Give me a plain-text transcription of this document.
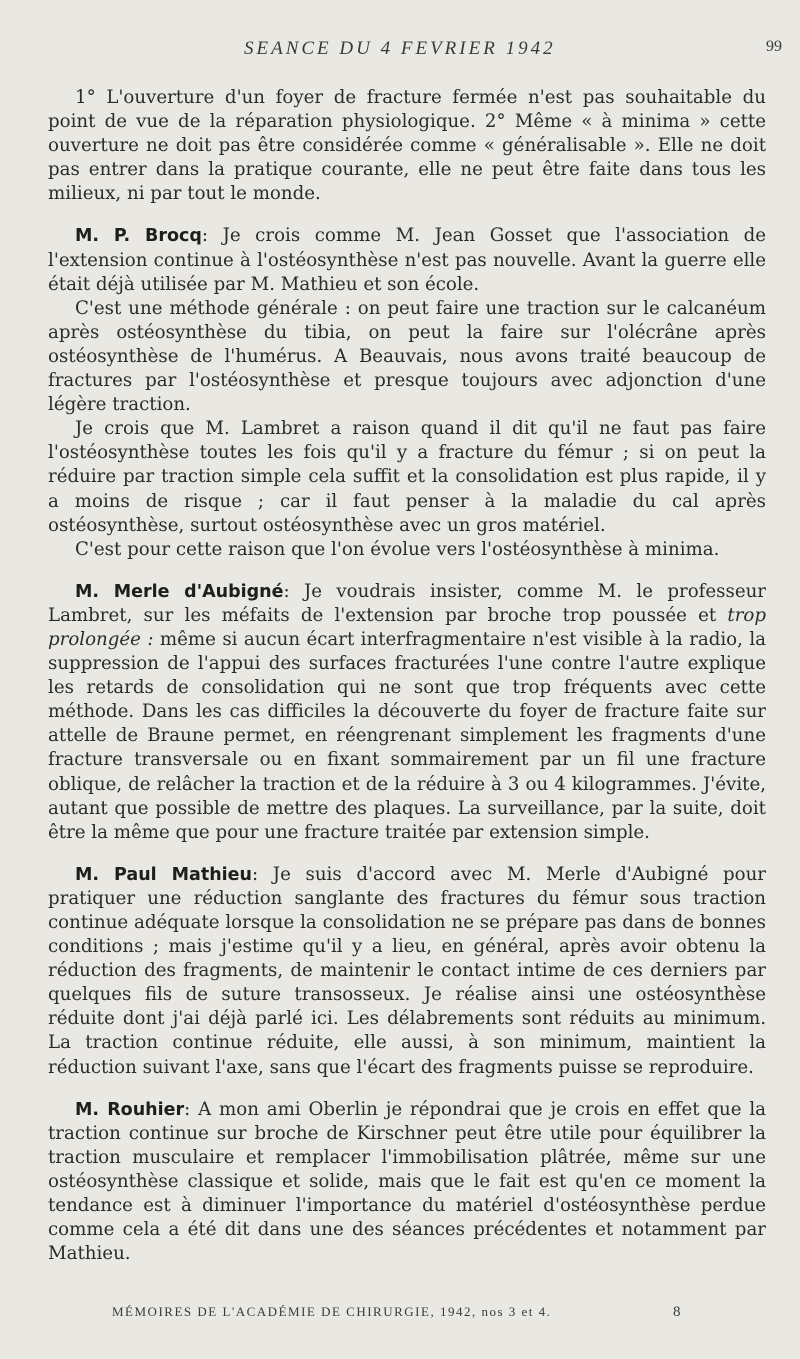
SEANCE DU 4 FEVRIER 1942	99

1° L'ouverture d'un foyer de fracture fermée n'est pas souhaitable du point de vue de la réparation physiologique. 2° Même « à minima » cette ouverture ne doit pas être considérée comme « généralisable ». Elle ne doit pas entrer dans la pratique courante, elle ne peut être faite dans tous les milieux, ni par tout le monde.

M. P. Brocq: Je crois comme M. Jean Gosset que l'association de l'extension continue à l'ostéosynthèse n'est pas nouvelle. Avant la guerre elle était déjà utilisée par M. Mathieu et son école.

C'est une méthode générale : on peut faire une traction sur le calcanéum après ostéosynthèse du tibia, on peut la faire sur l'olécrâne après ostéosynthèse de l'humérus. A Beauvais, nous avons traité beaucoup de fractures par l'ostéosynthèse et presque toujours avec adjonction d'une légère traction.

Je crois que M. Lambret a raison quand il dit qu'il ne faut pas faire l'ostéosynthèse toutes les fois qu'il y a fracture du fémur ; si on peut la réduire par traction simple cela suffit et la consolidation est plus rapide, il y a moins de risque ; car il faut penser à la maladie du cal après ostéosynthèse, surtout ostéosynthèse avec un gros matériel.

C'est pour cette raison que l'on évolue vers l'ostéosynthèse à minima.

M. Merle d'Aubigné: Je voudrais insister, comme M. le professeur Lambret, sur les méfaits de l'extension par broche trop poussée et trop prolongée : même si aucun écart interfragmentaire n'est visible à la radio, la suppression de l'appui des surfaces fracturées l'une contre l'autre explique les retards de consolidation qui ne sont que trop fréquents avec cette méthode. Dans les cas difficiles la découverte du foyer de fracture faite sur attelle de Braune permet, en réengrenant simplement les fragments d'une fracture transversale ou en fixant sommairement par un fil une fracture oblique, de relâcher la traction et de la réduire à 3 ou 4 kilogrammes. J'évite, autant que possible de mettre des plaques. La surveillance, par la suite, doit être la même que pour une fracture traitée par extension simple.

M. Paul Mathieu: Je suis d'accord avec M. Merle d'Aubigné pour pratiquer une réduction sanglante des fractures du fémur sous traction continue adéquate lorsque la consolidation ne se prépare pas dans de bonnes conditions ; mais j'estime qu'il y a lieu, en général, après avoir obtenu la réduction des fragments, de maintenir le contact intime de ces derniers par quelques fils de suture transosseux. Je réalise ainsi une ostéosynthèse réduite dont j'ai déjà parlé ici. Les délabrements sont réduits au minimum. La traction continue réduite, elle aussi, à son minimum, maintient la réduction suivant l'axe, sans que l'écart des fragments puisse se reproduire.

M. Rouhier: A mon ami Oberlin je répondrai que je crois en effet que la traction continue sur broche de Kirschner peut être utile pour équilibrer la traction musculaire et remplacer l'immobilisation plâtrée, même sur une ostéosynthèse classique et solide, mais que le fait est qu'en ce moment la tendance est à diminuer l'importance du matériel d'ostéosynthèse perdue comme cela a été dit dans une des séances précédentes et notamment par Mathieu.

MÉMOIRES DE L'ACADÉMIE DE CHIRURGIE, 1942, nos 3 et 4.	8
